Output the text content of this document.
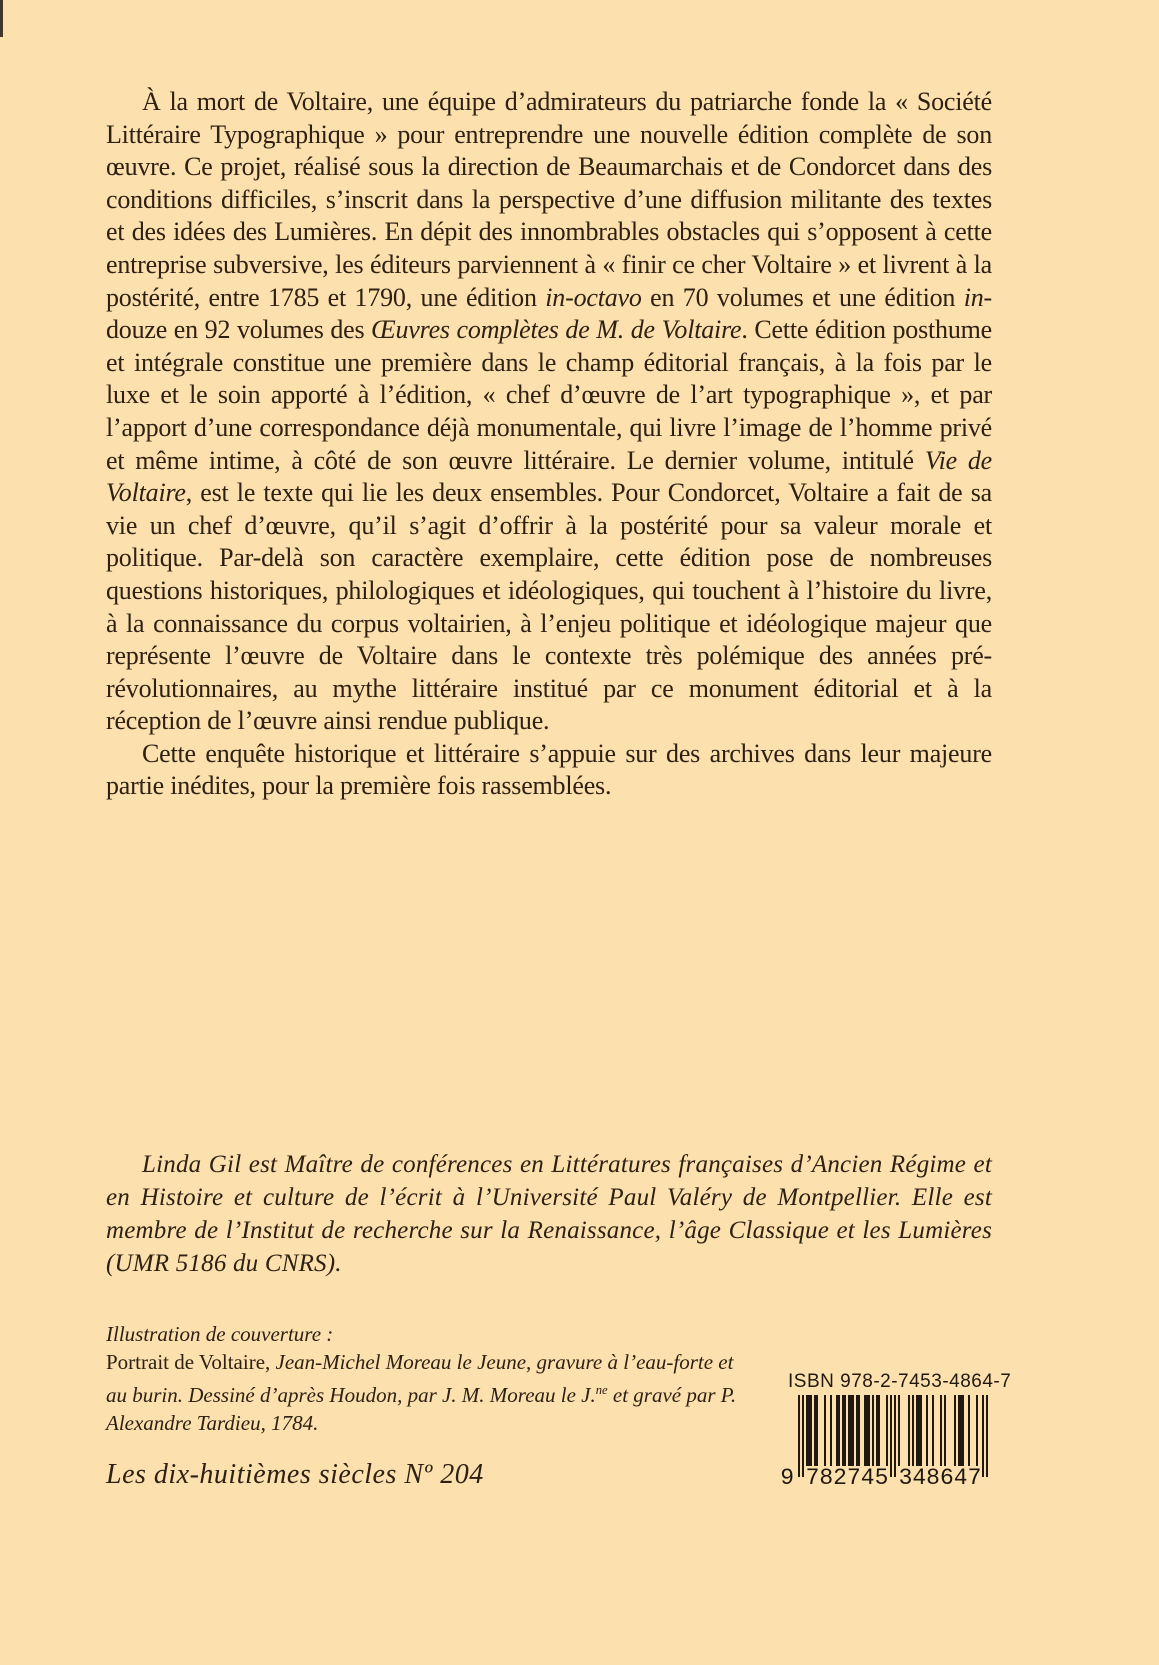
À la mort de Voltaire, une équipe d’admirateurs du patriarche fonde la « Société Littéraire Typographique » pour entreprendre une nouvelle édition complète de son œuvre. Ce projet, réalisé sous la direction de Beaumarchais et de Condorcet dans des conditions difficiles, s’inscrit dans la perspective d’une diffusion militante des textes et des idées des Lumières. En dépit des innombrables obstacles qui s’opposent à cette entreprise subversive, les éditeurs parviennent à « finir ce cher Voltaire » et livrent à la postérité, entre 1785 et 1790, une édition in-octavo en 70 volumes et une édition in-douze en 92 volumes des Œuvres complètes de M. de Voltaire. Cette édition posthume et intégrale constitue une première dans le champ éditorial français, à la fois par le luxe et le soin apporté à l’édition, « chef d’œuvre de l’art typographique », et par l’apport d’une correspondance déjà monumentale, qui livre l’image de l’homme privé et même intime, à côté de son œuvre littéraire. Le dernier volume, intitulé Vie de Voltaire, est le texte qui lie les deux ensembles. Pour Condorcet, Voltaire a fait de sa vie un chef d’œuvre, qu’il s’agit d’offrir à la postérité pour sa valeur morale et politique. Par-delà son caractère exemplaire, cette édition pose de nombreuses questions historiques, philologiques et idéologiques, qui touchent à l’histoire du livre, à la connaissance du corpus voltairien, à l’enjeu politique et idéologique majeur que représente l’œuvre de Voltaire dans le contexte très polémique des années pré-révolutionnaires, au mythe littéraire institué par ce monument éditorial et à la réception de l’œuvre ainsi rendue publique.

Cette enquête historique et littéraire s’appuie sur des archives dans leur majeure partie inédites, pour la première fois rassemblées.

Linda Gil est Maître de conférences en Littératures françaises d’Ancien Régime et en Histoire et culture de l’écrit à l’Université Paul Valéry de Montpellier. Elle est membre de l’Institut de recherche sur la Renaissance, l’âge Classique et les Lumières (UMR 5186 du CNRS).

Illustration de couverture :
Portrait de Voltaire, Jean-Michel Moreau le Jeune, gravure à l’eau-forte et au burin. Dessiné d’après Houdon, par J. M. Moreau le J.$^{ne}$ et gravé par P. Alexandre Tardieu, 1784.
Les dix-huitièmes siècles Nº 204
ISBN 978-2-7453-4864-7
9 782745 348647
